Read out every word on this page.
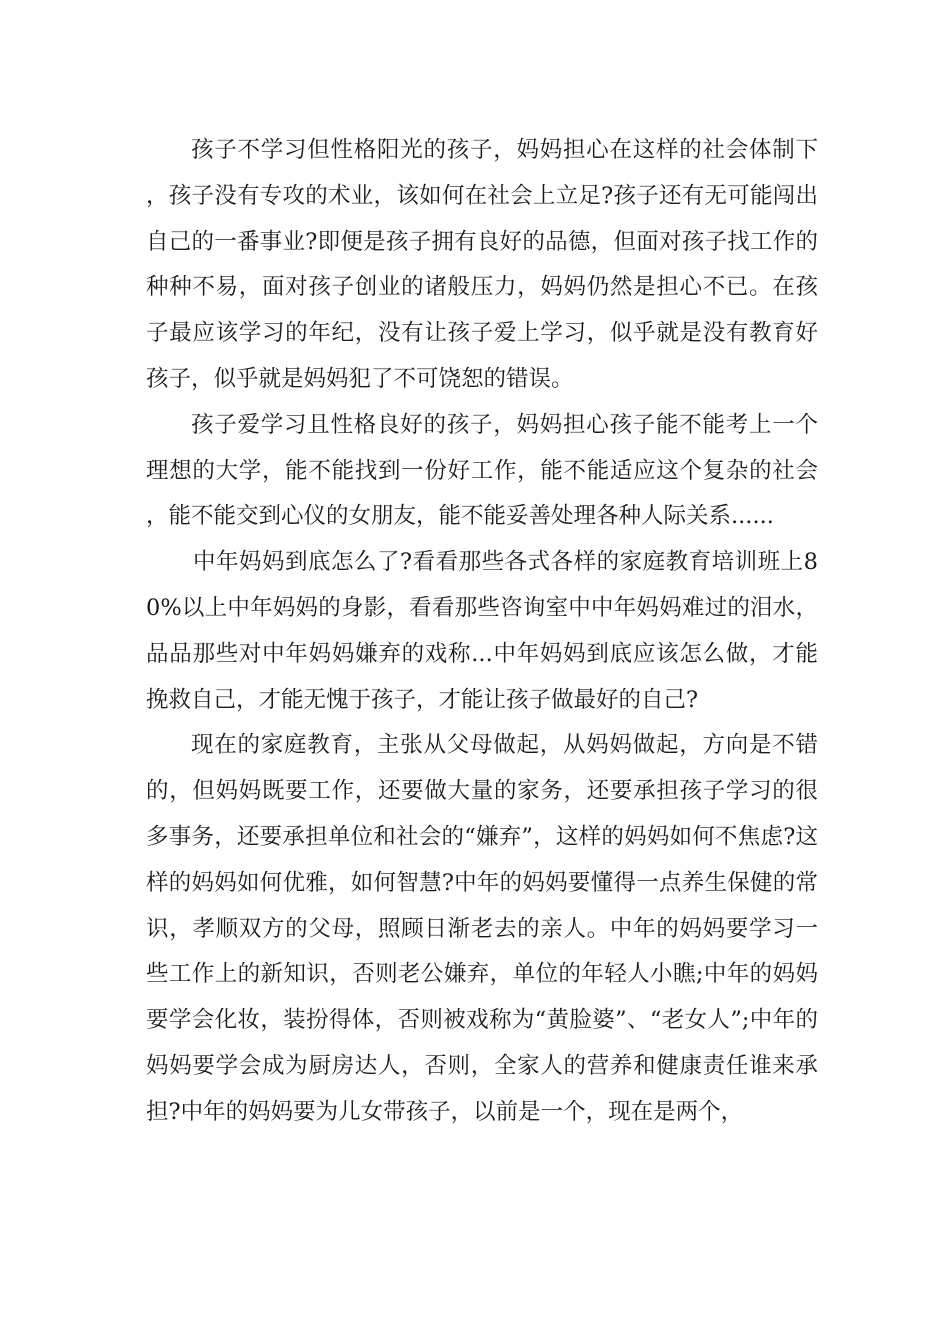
孩子不学习但性格阳光的孩子，妈妈担心在这样的社会体制下，孩子没有专攻的术业，该如何在社会上立足?孩子还有无可能闯出自己的一番事业?即便是孩子拥有良好的品德，但面对孩子找工作的种种不易，面对孩子创业的诸般压力，妈妈仍然是担心不已。在孩子最应该学习的年纪，没有让孩子爱上学习，似乎就是没有教育好孩子，似乎就是妈妈犯了不可饶恕的错误。

孩子爱学习且性格良好的孩子，妈妈担心孩子能不能考上一个理想的大学，能不能找到一份好工作，能不能适应这个复杂的社会，能不能交到心仪的女朋友，能不能妥善处理各种人际关系......

中年妈妈到底怎么了?看看那些各式各样的家庭教育培训班上80%以上中年妈妈的身影，看看那些咨询室中中年妈妈难过的泪水，品品那些对中年妈妈嫌弃的戏称...中年妈妈到底应该怎么做，才能挽救自己，才能无愧于孩子，才能让孩子做最好的自己?

现在的家庭教育，主张从父母做起，从妈妈做起，方向是不错的，但妈妈既要工作，还要做大量的家务，还要承担孩子学习的很多事务，还要承担单位和社会的“嫌弃”，这样的妈妈如何不焦虑?这样的妈妈如何优雅，如何智慧?中年的妈妈要懂得一点养生保健的常识，孝顺双方的父母，照顾日渐老去的亲人。中年的妈妈要学习一些工作上的新知识，否则老公嫌弃，单位的年轻人小瞧;中年的妈妈要学会化妆，装扮得体，否则被戏称为“黄脸婆”、“老女人”;中年的妈妈要学会成为厨房达人，否则，全家人的营养和健康责任谁来承担?中年的妈妈要为儿女带孩子，以前是一个，现在是两个，
